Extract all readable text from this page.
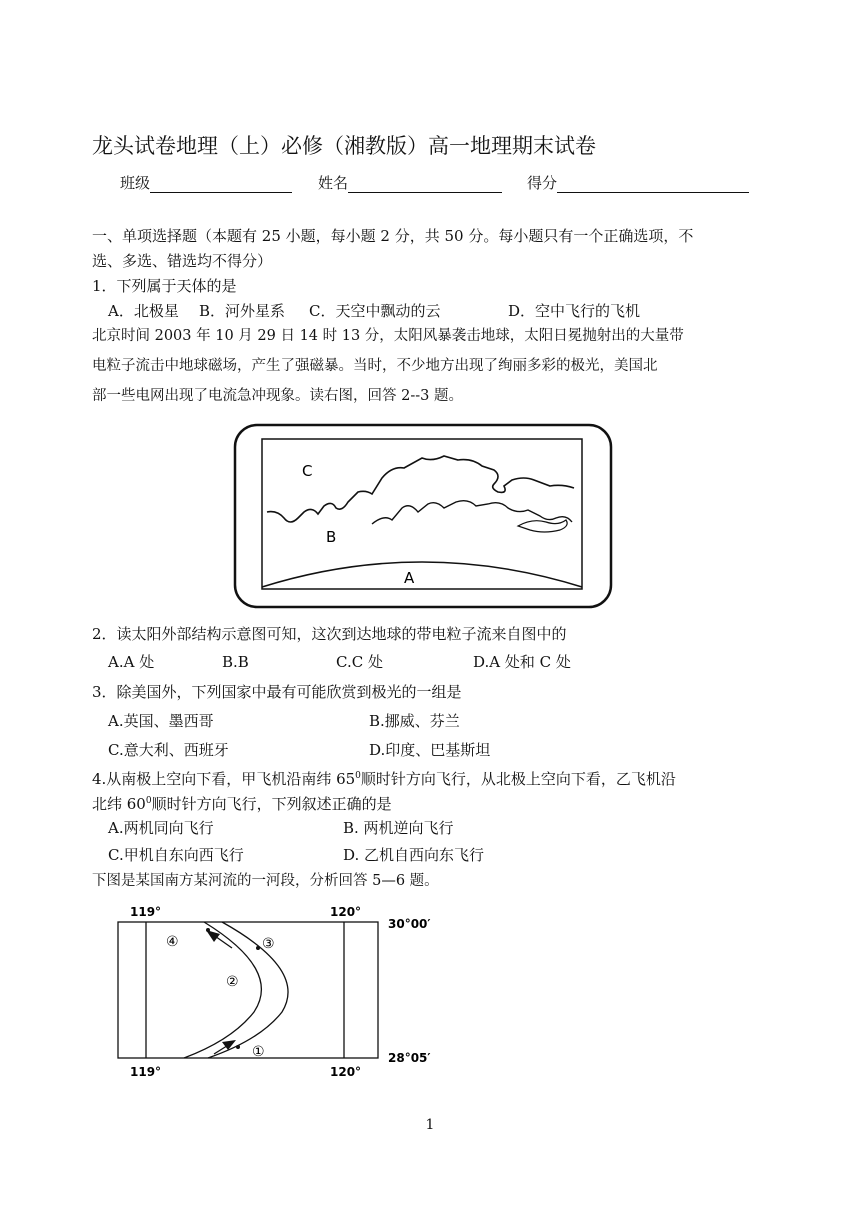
龙头试卷地理（上）必修（湘教版）高一地理期末试卷
班级	姓名	得分
一、单项选择题（本题有 25 小题，每小题 2 分，共 50 分。每小题只有一个正确选项，不
选、多选、错选均不得分）
1．下列属于天体的是
A．北极星 B．河外星系 C．天空中飘动的云	D．空中飞行的飞机
北京时间 2003 年 10 月 29 日 14 时 13 分，太阳风暴袭击地球，太阳日冕抛射出的大量带
电粒子流击中地球磁场，产生了强磁暴。当时，不少地方出现了绚丽多彩的极光，美国北
部一些电网出现了电流急冲现象。读右图，回答 2--3 题。
C
B
A
2．读太阳外部结构示意图可知，这次到达地球的带电粒子流来自图中的
A.A 处	B.B	C.C 处	D.A 处和 C 处
3．除美国外，下列国家中最有可能欣赏到极光的一组是
A.英国、墨西哥	B.挪威、芬兰
C.意大利、西班牙	D.印度、巴基斯坦
4.从南极上空向下看，甲飞机沿南纬 $65^0$顺时针方向飞行，从北极上空向下看，乙飞机沿
北纬 $60^0$顺时针方向飞行，下列叙述正确的是
A.两机同向飞行	B. 两机逆向飞行
C.甲机自东向西飞行	D. 乙机自西向东飞行
下图是某国南方某河流的一河段，分析回答 5—6 题。
119°	120°
30°00′
119°	120°
28°05′
④	③
②
①
1
